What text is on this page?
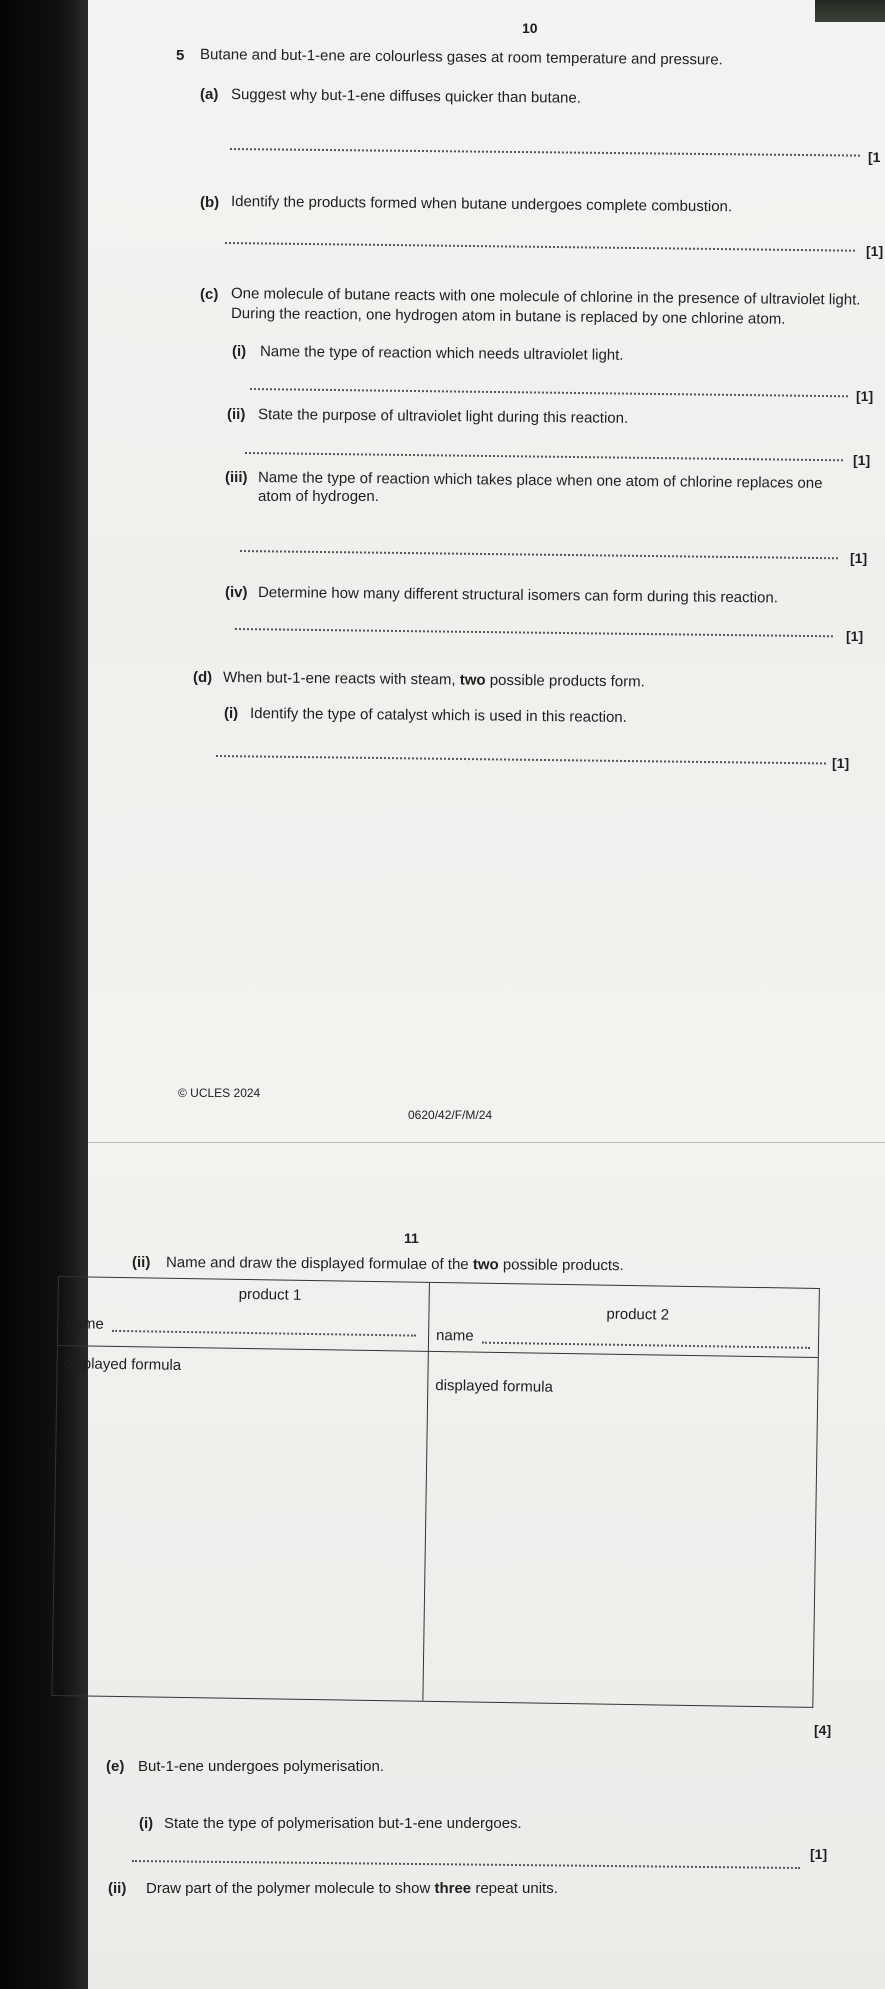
10
5 Butane and but-1-ene are colourless gases at room temperature and pressure.
(a) Suggest why but-1-ene diffuses quicker than butane.
[1
(b) Identify the products formed when butane undergoes complete combustion.
[1]
(c) One molecule of butane reacts with one molecule of chlorine in the presence of ultraviolet light.
During the reaction, one hydrogen atom in butane is replaced by one chlorine atom.
(i) Name the type of reaction which needs ultraviolet light.
[1]
(ii) State the purpose of ultraviolet light during this reaction.
[1]
(iii) Name the type of reaction which takes place when one atom of chlorine replaces one
atom of hydrogen.
[1]
(iv) Determine how many different structural isomers can form during this reaction.
[1]
(d) When but-1-ene reacts with steam, two possible products form.
(i) Identify the type of catalyst which is used in this reaction.
[1]
© UCLES 2024
0620/42/F/M/24
11
(ii) Name and draw the displayed formulae of the two possible products.
product 1
product 2
name
name
displayed formula
displayed formula
[4]
(e) But-1-ene undergoes polymerisation.
(i) State the type of polymerisation but-1-ene undergoes.
[1]
(ii) Draw part of the polymer molecule to show three repeat units.
